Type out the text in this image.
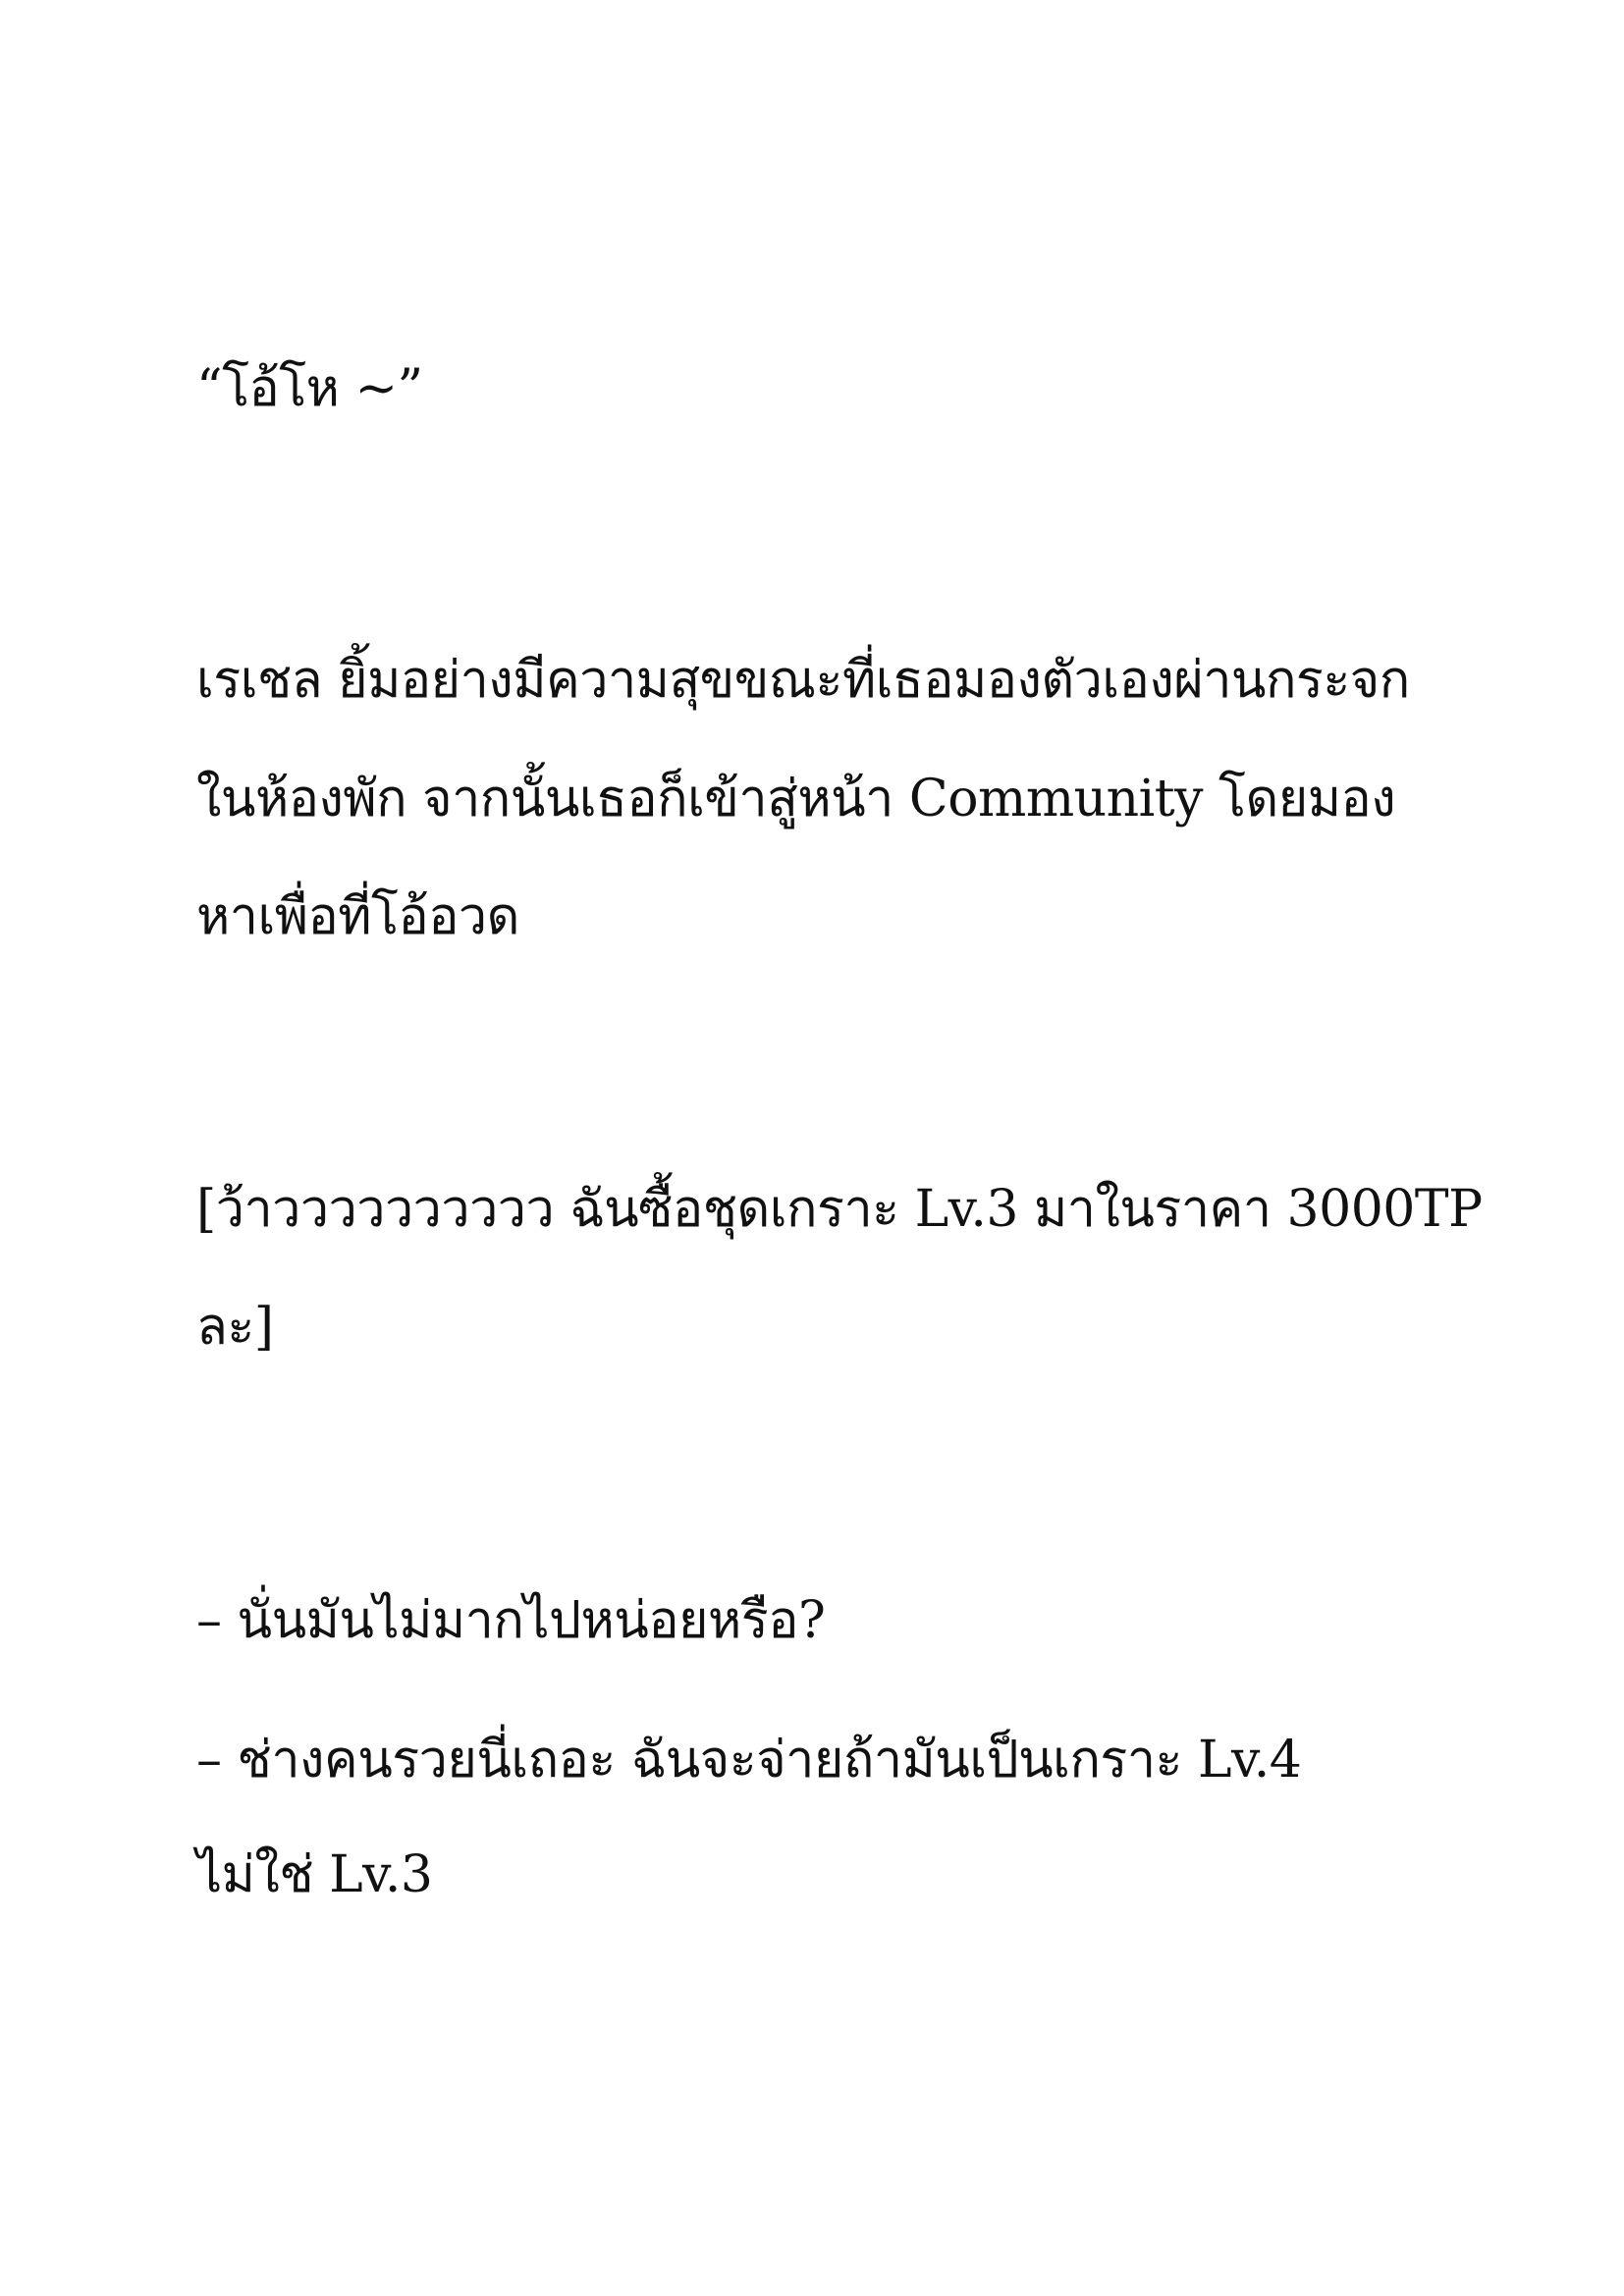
“โอ้โห ~”
เรเชล ยิ้มอย่างมีความสุขขณะที่เธอมองตัวเองผ่านกระจก
ในห้องพัก จากนั้นเธอก็เข้าสู่หน้า Community โดยมอง
หาเพื่อที่โอ้อวด
[ว้าวววววววววว ฉันซื้อชุดเกราะ Lv.3 มาในราคา 3000TP
ละ]
– นั่นมันไม่มากไปหน่อยหรือ?
– ช่างคนรวยนี่เถอะ ฉันจะจ่ายถ้ามันเป็นเกราะ Lv.4
ไม่ใช่ Lv.3
